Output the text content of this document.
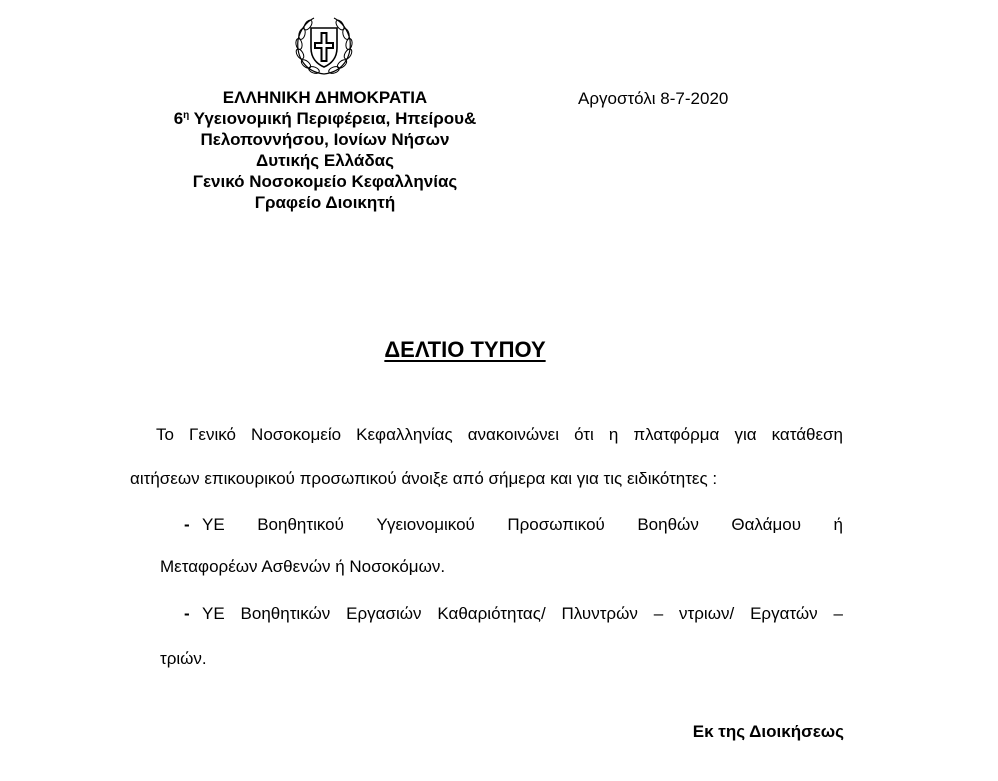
ΕΛΛΗΝΙΚΗ ΔΗΜΟΚΡΑΤΙΑ
$6^\eta$ Υγειονομική Περιφέρεια, Ηπείρου&
Πελοποννήσου, Ιονίων Νήσων
Δυτικής Ελλάδας
Γενικό Νοσοκομείο Κεφαλληνίας
Γραφείο Διοικητή
Αργοστόλι 8-7-2020
ΔΕΛΤΙΟ ΤΥΠΟΥ
Το Γενικό Νοσοκομείο Κεφαλληνίας ανακοινώνει ότι η πλατφόρμα για κατάθεση
αιτήσεων επικουρικού προσωπικού άνοιξε από σήμερα και για τις ειδικότητες :
- ΥΕ Βοηθητικού Υγειονομικού Προσωπικού Βοηθών Θαλάμου ή
Μεταφορέων Ασθενών ή Νοσοκόμων.
- ΥΕ Βοηθητικών Εργασιών Καθαριότητας/ Πλυντρών – ντριων/ Εργατών –
τριών.
Εκ της Διοικήσεως
